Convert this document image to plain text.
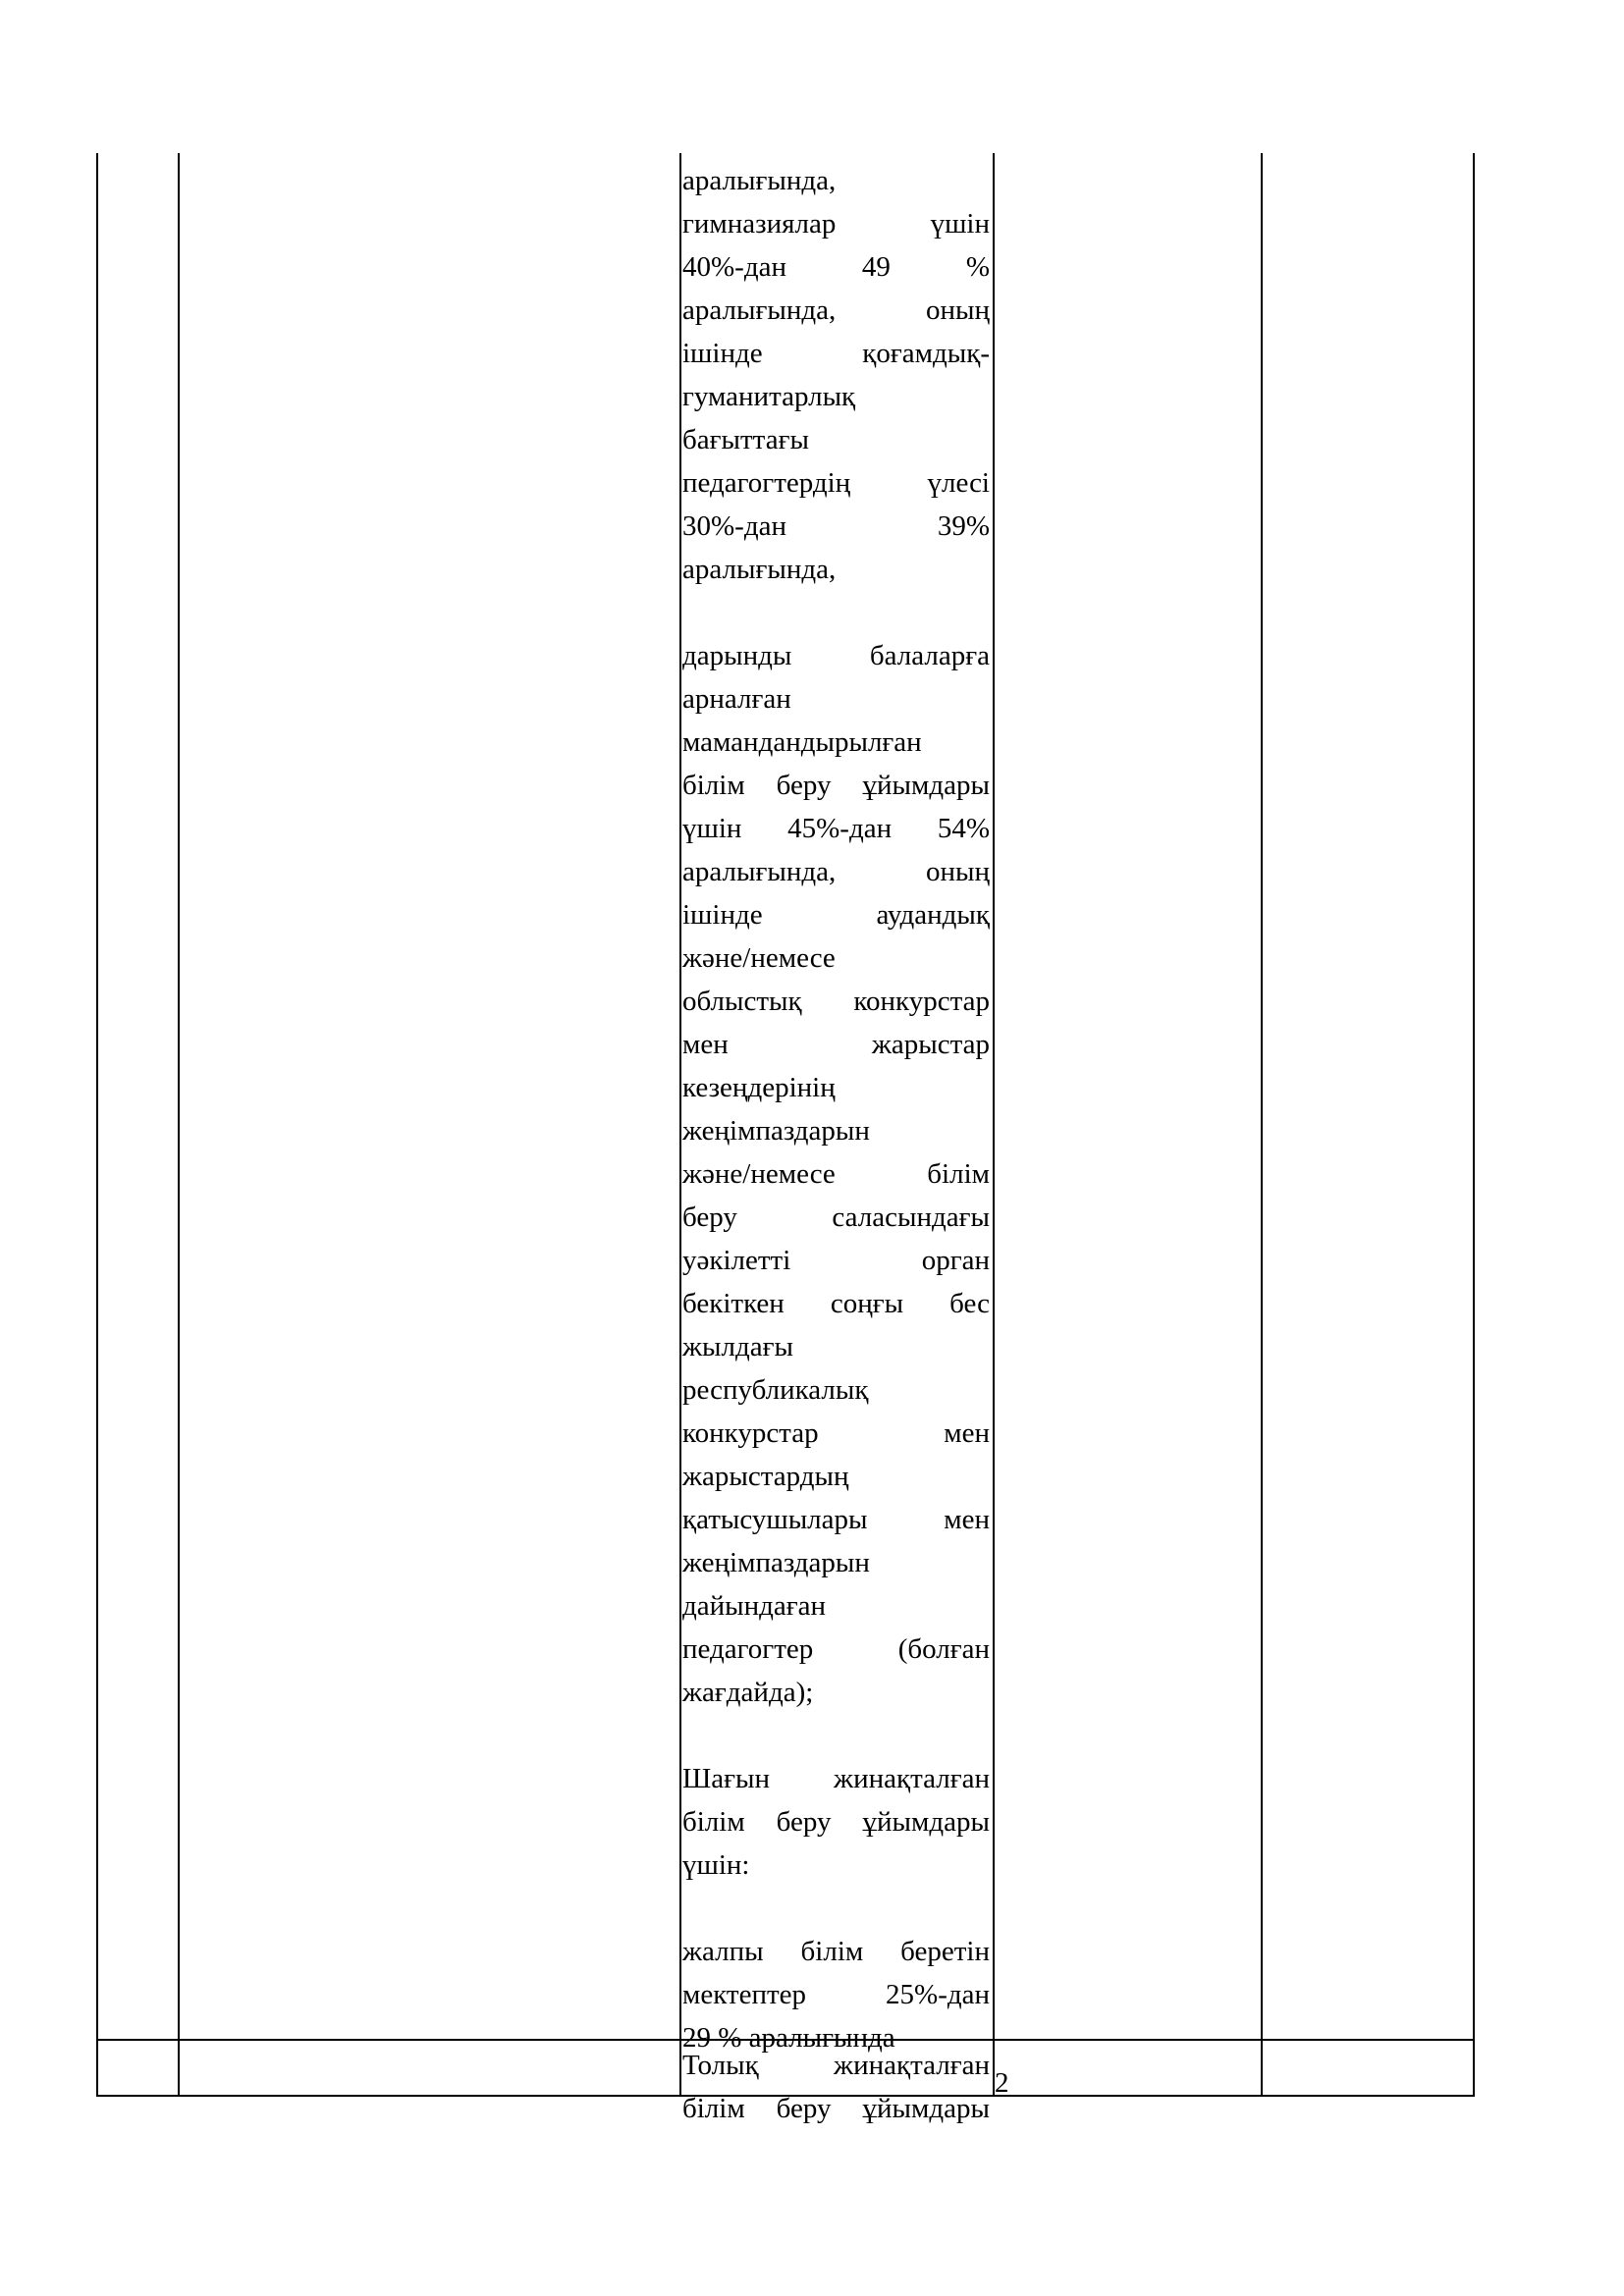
аралығында,
гимназиялар	үшін
40%-дан	49	%
аралығында,	оның
ішінде	қоғамдық-
гуманитарлық
бағыттағы
педагогтердің	үлесі
30%-дан	39%
аралығында,
дарынды	балаларға
арналған
мамандандырылған
білім беру ұйымдары
үшін 45%-дан 54%
аралығында,	оның
ішінде	аудандық
және/немесе
облыстық конкурстар
мен	жарыстар
кезеңдерінің
жеңімпаздарын
және/немесе	білім
беру	саласындағы
уәкілетті	орган
бекіткен соңғы бес
жылдағы
республикалық
конкурстар	мен
жарыстардың
қатысушылары	мен
жеңімпаздарын
дайындаған
педагогтер	(болған
жағдайда);
Шағын жинақталған
білім беру ұйымдары
үшін:
жалпы білім беретін
мектептер	25%-дан
29 % аралығында
Толық	жинақталған
білім беру ұйымдары
2
